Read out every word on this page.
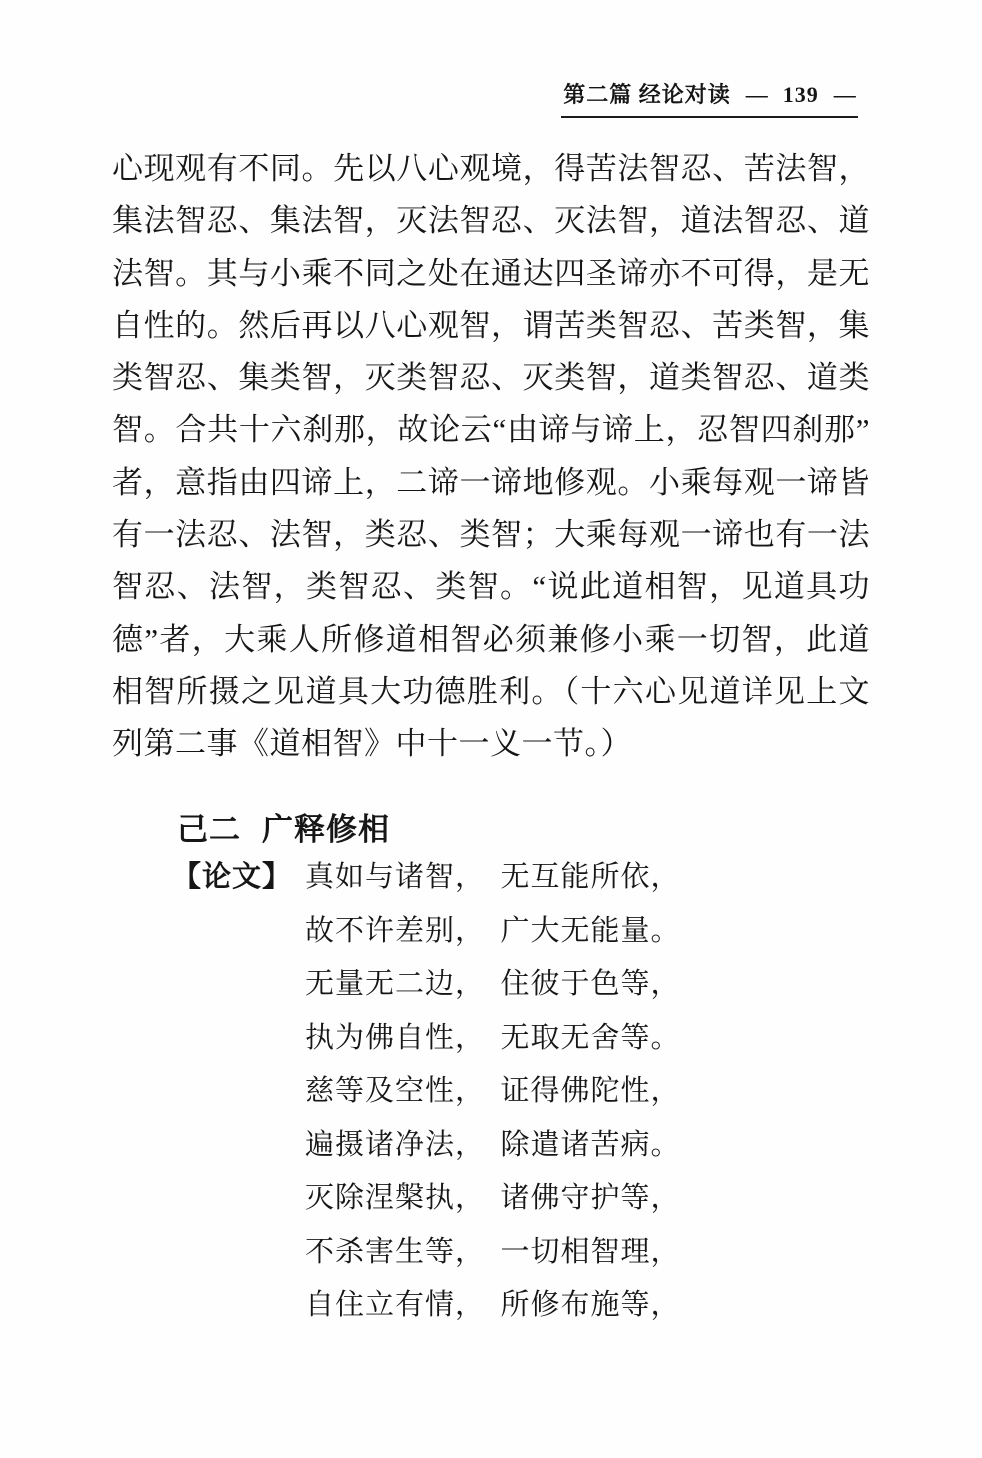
第二篇 经论对读 — 139 —

心现观有不同。先以八心观境，得苦法智忍、苦法智，集法智忍、集法智，灭法智忍、灭法智，道法智忍、道法智。其与小乘不同之处在通达四圣谛亦不可得，是无自性的。然后再以八心观智，谓苦类智忍、苦类智，集类智忍、集类智，灭类智忍、灭类智，道类智忍、道类智。合共十六刹那，故论云“由谛与谛上，忍智四刹那”者，意指由四谛上，二谛一谛地修观。小乘每观一谛皆有一法忍、法智，类忍、类智；大乘每观一谛也有一法智忍、法智，类智忍、类智。“说此道相智，见道具功德”者，大乘人所修道相智必须兼修小乘一切智，此道相智所摄之见道具大功德胜利。（十六心见道详见上文列第二事《道相智》中十一义一节。）

己二 广释修相
【论文】 真如与诸智，　无互能所依，
故不许差别，　广大无能量。
无量无二边，　住彼于色等，
执为佛自性，　无取无舍等。
慈等及空性，　证得佛陀性，
遍摄诸净法，　除遣诸苦病。
灭除涅槃执，　诸佛守护等，
不杀害生等，　一切相智理，
自住立有情，　所修布施等，
